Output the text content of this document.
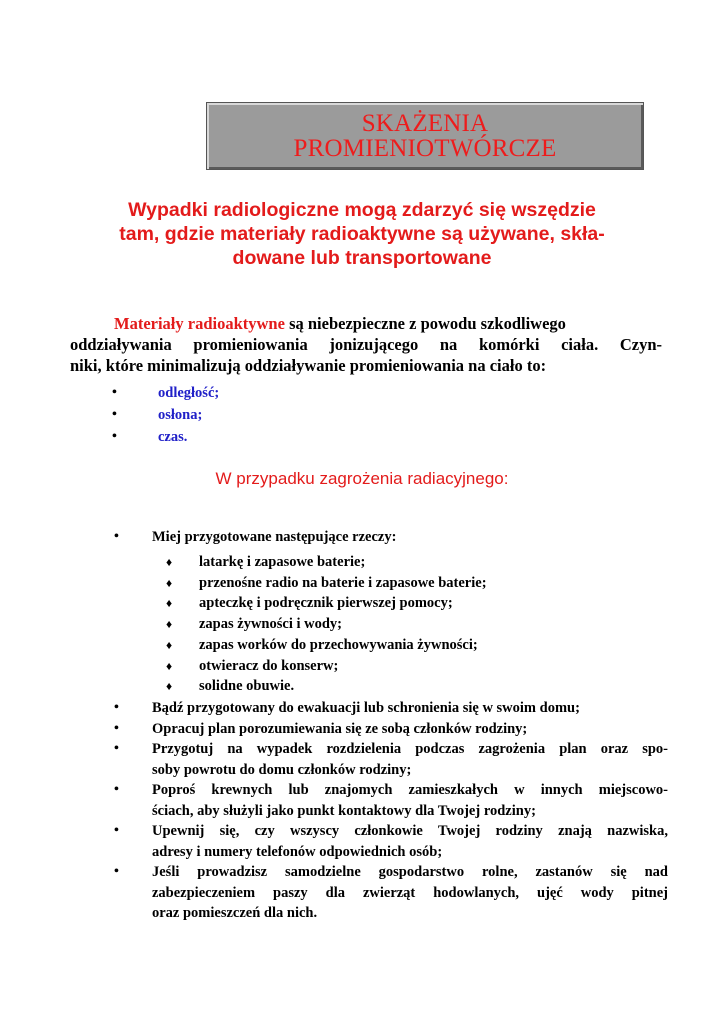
SKAŻENIA
PROMIENIOTWÓRCZE
Wypadki radiologiczne mogą zdarzyć się wszędzie
tam, gdzie materiały radioaktywne są używane, skła-
dowane lub transportowane
Materiały radioaktywne są niebezpieczne z powodu szkodliwego
oddziaływania promieniowania jonizującego na komórki ciała. Czyn-
niki, które minimalizują oddziaływanie promieniowania na ciało to:
•	odległość;
•	osłona;
•	czas.
W przypadku zagrożenia radiacyjnego:
•	Miej przygotowane następujące rzeczy:
♦	latarkę i zapasowe baterie;
♦	przenośne radio na baterie i zapasowe baterie;
♦	apteczkę i podręcznik pierwszej pomocy;
♦	zapas żywności i wody;
♦	zapas worków do przechowywania żywności;
♦	otwieracz do konserw;
♦	solidne obuwie.
•	Bądź przygotowany do ewakuacji lub schronienia się w swoim domu;
•	Opracuj plan porozumiewania się ze sobą członków rodziny;
•	Przygotuj na wypadek rozdzielenia podczas zagrożenia plan oraz spo-
soby powrotu do domu członków rodziny;
•	Poproś krewnych lub znajomych zamieszkałych w innych miejscowo-
ściach, aby służyli jako punkt kontaktowy dla Twojej rodziny;
•	Upewnij się, czy wszyscy członkowie Twojej rodziny znają nazwiska,
adresy i numery telefonów odpowiednich osób;
•	Jeśli prowadzisz samodzielne gospodarstwo rolne, zastanów się nad
zabezpieczeniem paszy dla zwierząt hodowlanych, ujęć wody pitnej
oraz pomieszczeń dla nich.
